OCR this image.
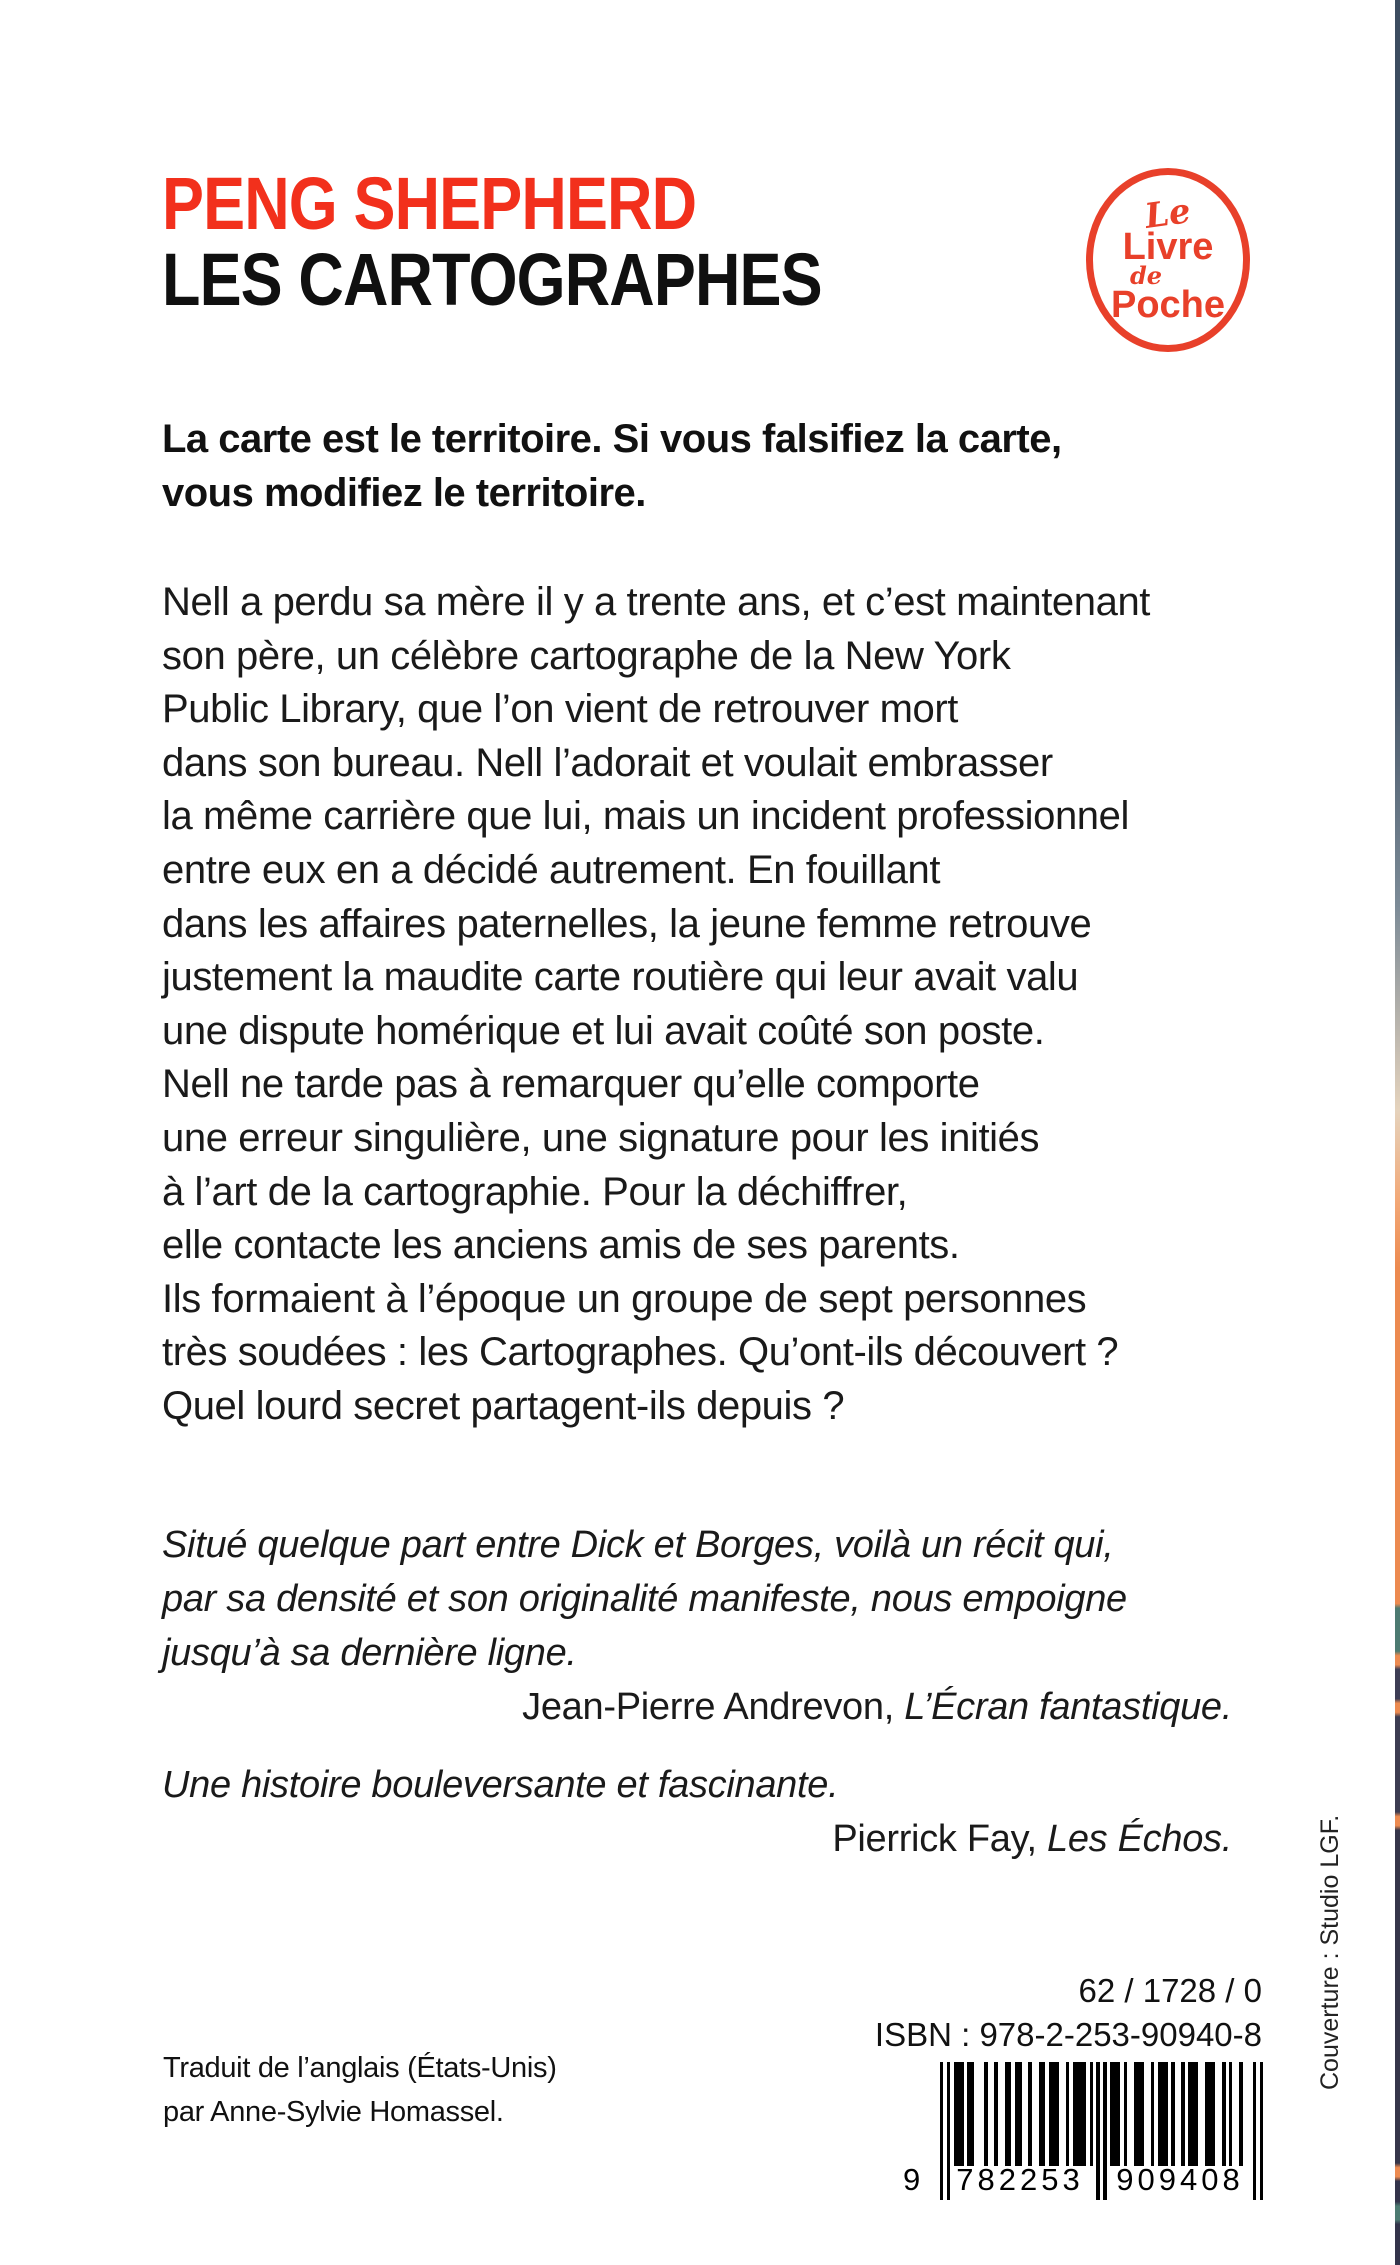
PENG SHEPHERD
LES CARTOGRAPHES
Le
Livre
de
Poche
La carte est le territoire. Si vous falsifiez la carte,
vous modifiez le territoire.
Nell a perdu sa mère il y a trente ans, et c’est maintenant
son père, un célèbre cartographe de la New York
Public Library, que l’on vient de retrouver mort
dans son bureau. Nell l’adorait et voulait embrasser
la même carrière que lui, mais un incident professionnel
entre eux en a décidé autrement. En fouillant
dans les affaires paternelles, la jeune femme retrouve
justement la maudite carte routière qui leur avait valu
une dispute homérique et lui avait coûté son poste.
Nell ne tarde pas à remarquer qu’elle comporte
une erreur singulière, une signature pour les initiés
à l’art de la cartographie. Pour la déchiffrer,
elle contacte les anciens amis de ses parents.
Ils formaient à l’époque un groupe de sept personnes
très soudées : les Cartographes. Qu’ont-ils découvert ?
Quel lourd secret partagent-ils depuis ?
Situé quelque part entre Dick et Borges, voilà un récit qui,
par sa densité et son originalité manifeste, nous empoigne
jusqu’à sa dernière ligne.
Jean-Pierre Andrevon, L’Écran fantastique.
Une histoire bouleversante et fascinante.
Pierrick Fay, Les Échos.
Traduit de l’anglais (États-Unis)
par Anne-Sylvie Homassel.
62 / 1728 / 0
ISBN : 978-2-253-90940-8
9	782253	909408
Couverture : Studio LGF.
